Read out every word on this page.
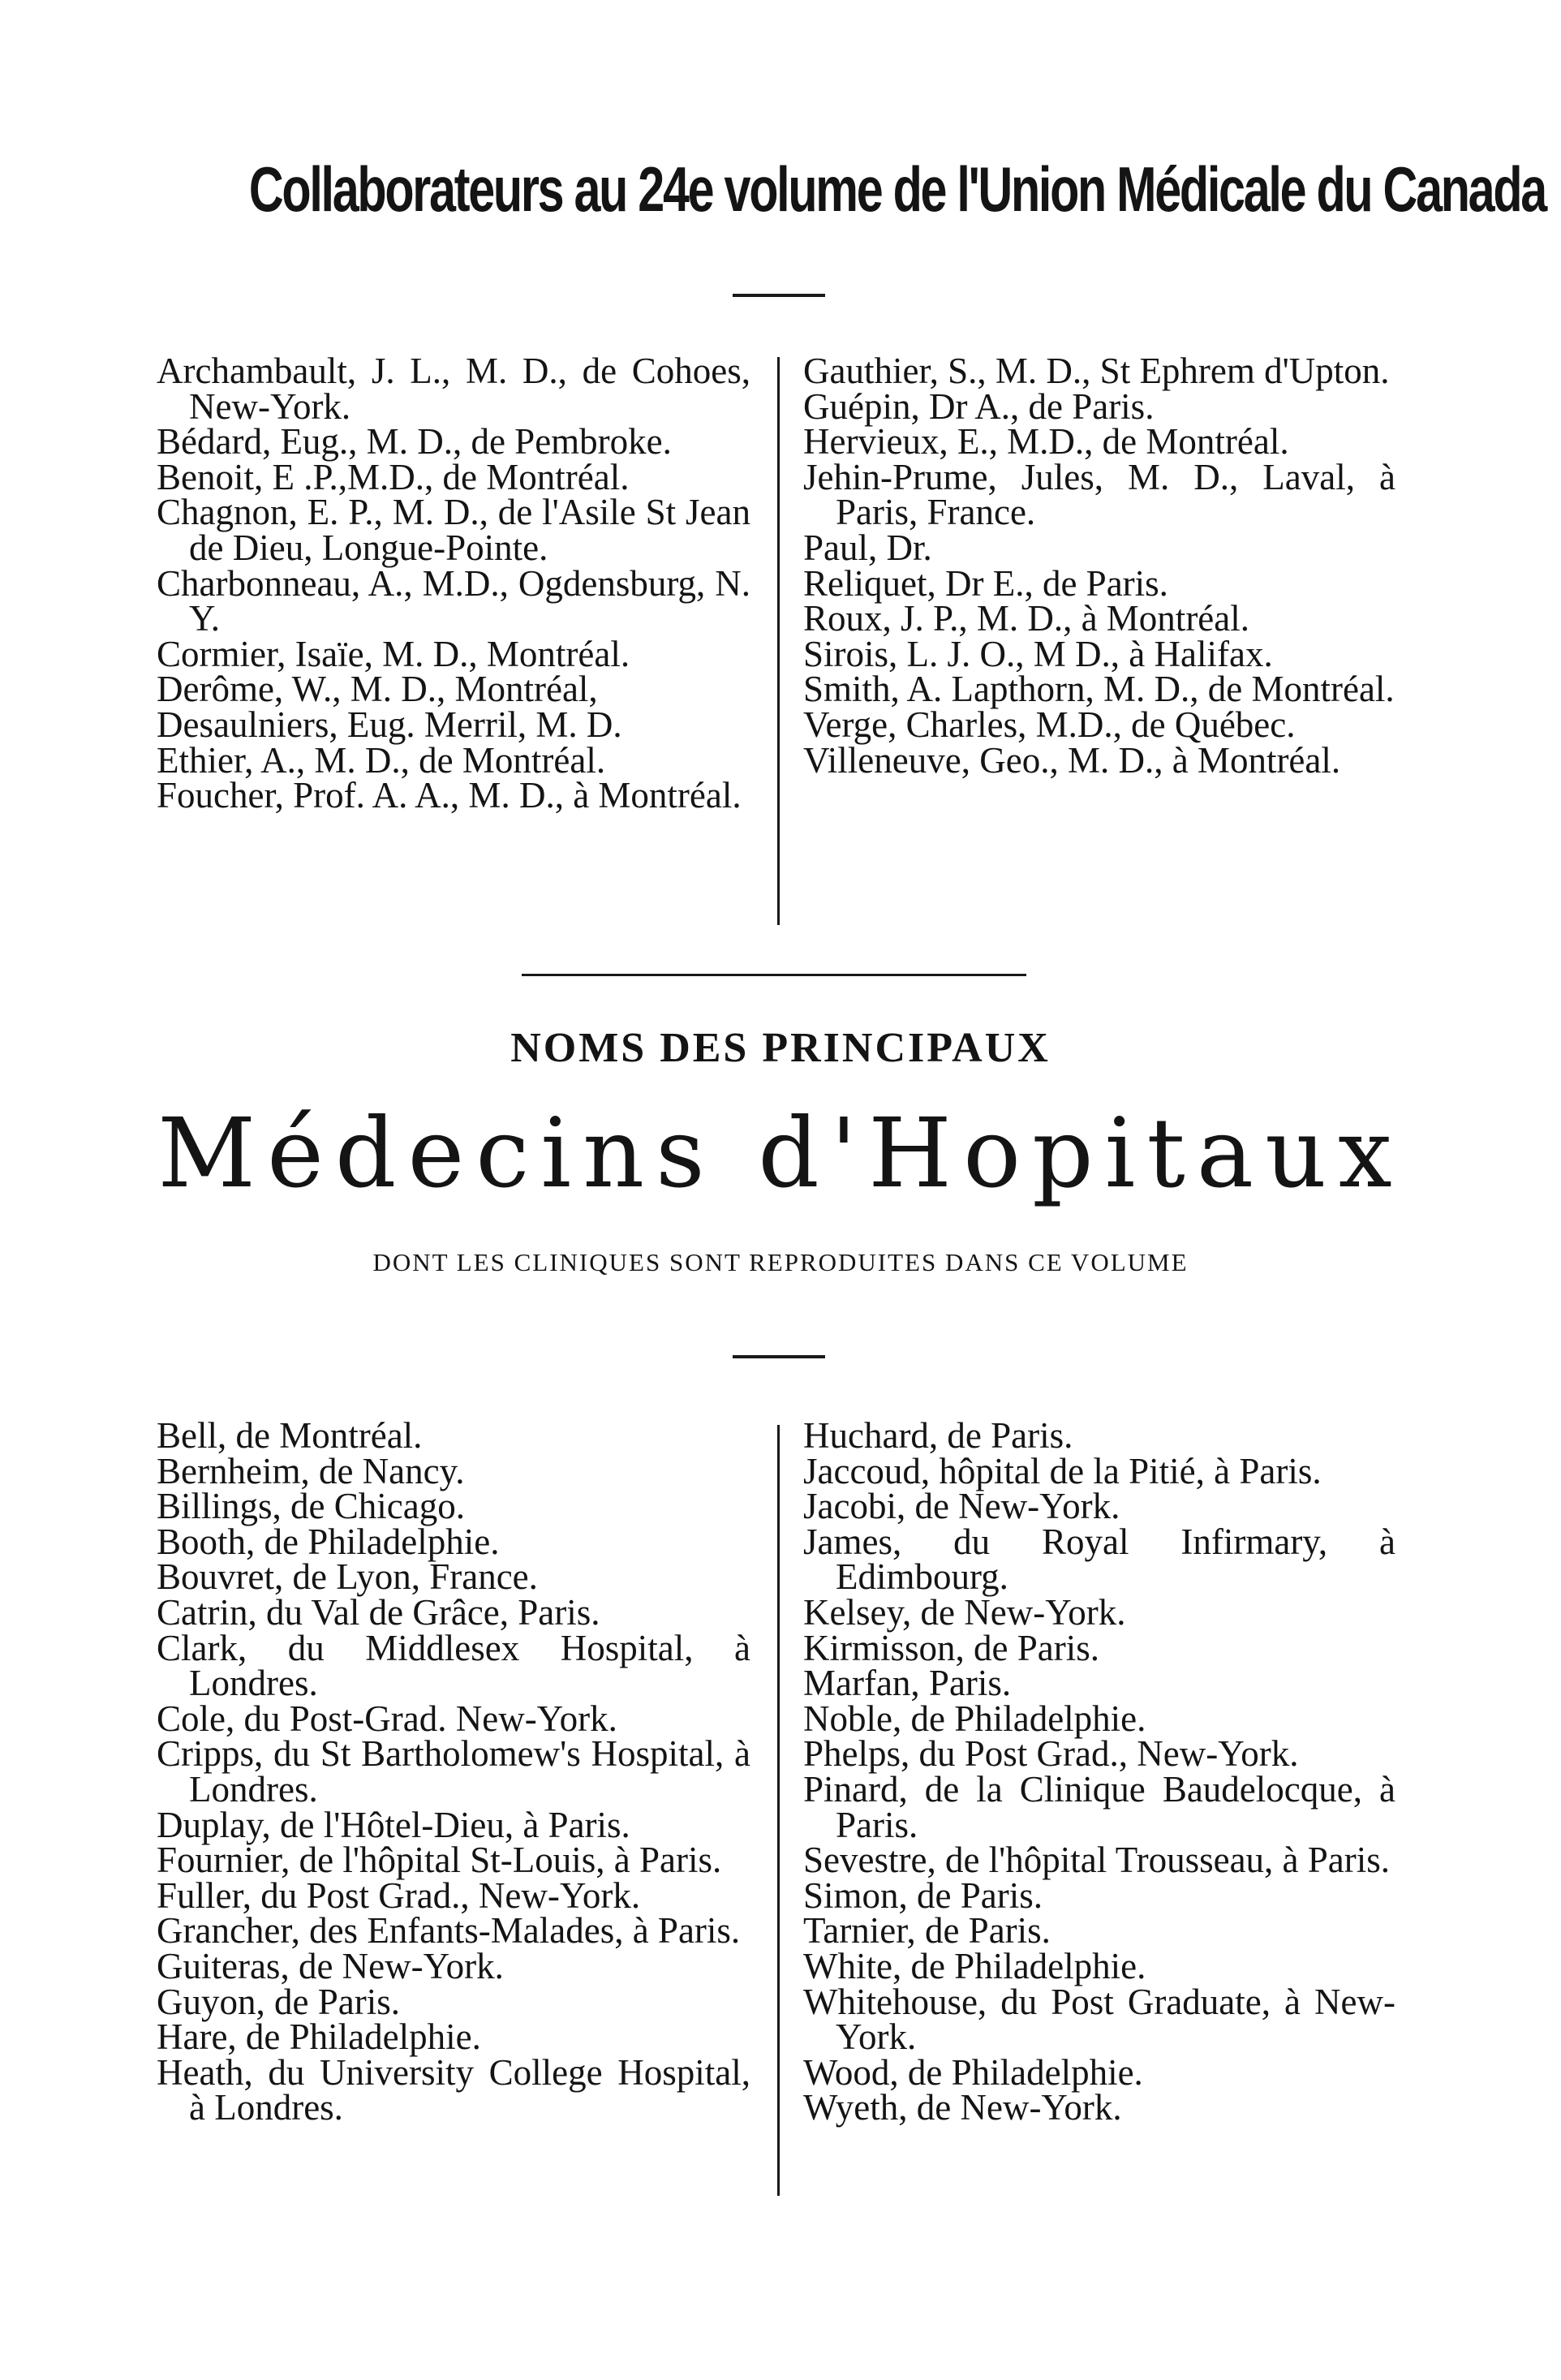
Collaborateurs au 24e volume de l'Union Médicale du Canada
Archambault, J. L., M. D., de Cohoes, New-York.
Bédard, Eug., M. D., de Pembroke.
Benoit, E .P.,M.D., de Montréal.
Chagnon, E. P., M. D., de l'Asile St Jean de Dieu, Longue-Pointe.
Charbonneau, A., M.D., Ogdensburg, N. Y.
Cormier, Isaïe, M. D., Montréal.
Derôme, W., M. D., Montréal,
Desaulniers, Eug. Merril, M. D.
Ethier, A., M. D., de Montréal.
Foucher, Prof. A. A., M. D., à Montréal.
Gauthier, S., M. D., St Ephrem d'Upton.
Guépin, Dr A., de Paris.
Hervieux, E., M.D., de Montréal.
Jehin-Prume, Jules, M. D., Laval, à Paris, France.
Paul, Dr.
Reliquet, Dr E., de Paris.
Roux, J. P., M. D., à Montréal.
Sirois, L. J. O., M D., à Halifax.
Smith, A. Lapthorn, M. D., de Montréal.
Verge, Charles, M.D., de Québec.
Villeneuve, Geo., M. D., à Montréal.
NOMS DES PRINCIPAUX
Médecins d'Hopitaux

DONT LES CLINIQUES SONT REPRODUITES DANS CE VOLUME

Bell, de Montréal.
Bernheim, de Nancy.
Billings, de Chicago.
Booth, de Philadelphie.
Bouvret, de Lyon, France.
Catrin, du Val de Grâce, Paris.
Clark, du Middlesex Hospital, à Londres.
Cole, du Post-Grad. New-York.
Cripps, du St Bartholomew's Hospital, à Londres.
Duplay, de l'Hôtel-Dieu, à Paris.
Fournier, de l'hôpital St-Louis, à Paris.
Fuller, du Post Grad., New-York.
Grancher, des Enfants-Malades, à Paris.
Guiteras, de New-York.
Guyon, de Paris.
Hare, de Philadelphie.
Heath, du University College Hospital, à Londres.
Huchard, de Paris.
Jaccoud, hôpital de la Pitié, à Paris.
Jacobi, de New-York.
James, du Royal Infirmary, à Edimbourg.
Kelsey, de New-York.
Kirmisson, de Paris.
Marfan, Paris.
Noble, de Philadelphie.
Phelps, du Post Grad., New-York.
Pinard, de la Clinique Baudelocque, à Paris.
Sevestre, de l'hôpital Trousseau, à Paris.
Simon, de Paris.
Tarnier, de Paris.
White, de Philadelphie.
Whitehouse, du Post Graduate, à New-York.
Wood, de Philadelphie.
Wyeth, de New-York.
